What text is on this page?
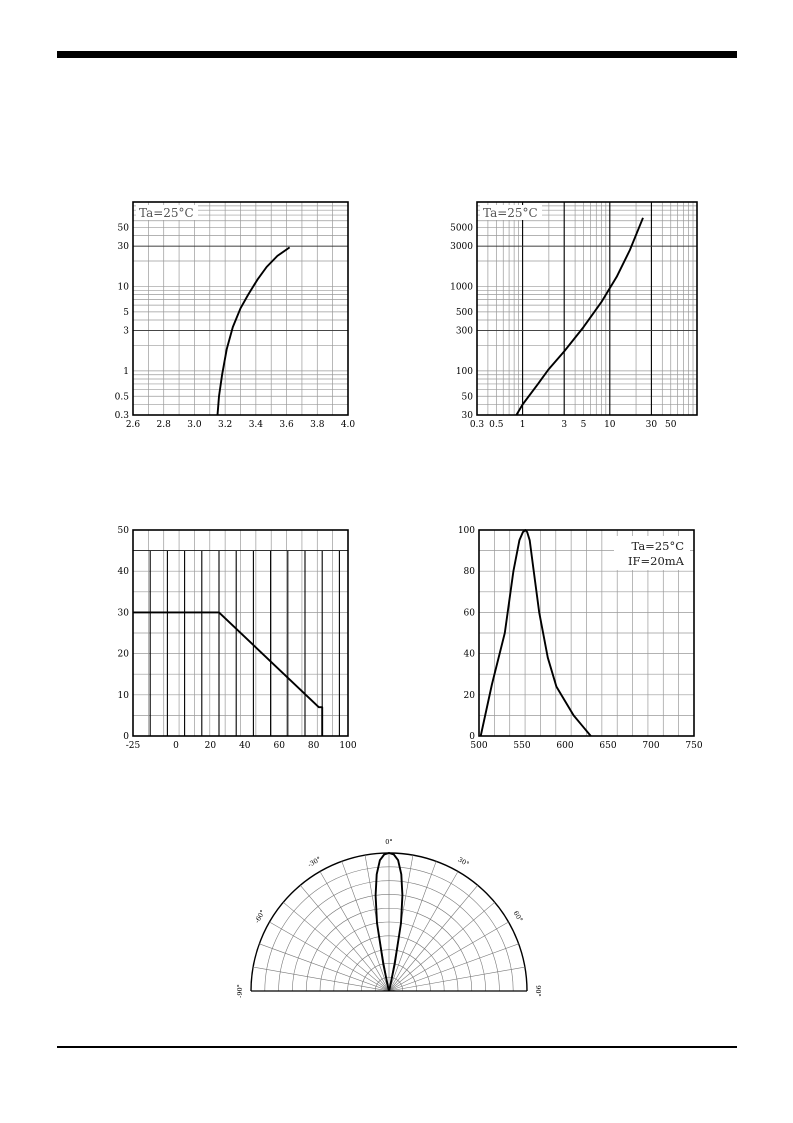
2.6 2.8 3.0 3.2 3.4 3.6 3.8 4.0
0.3
0.5
1
3
5
10
30
50
Ta=25°C
0.3 0.5 1	3 5 10	30 50
30
50
100
300
500
1000
3000
5000
Ta=25°C
-25	0	20	40	60	80 100
0
10
20
30
40
50
500	550	600	650	700	750
0
20
40
60
80
100
Ta=25°C
IF=20mA
-90°
-60°
-30°
0°
30°
60°
90°
